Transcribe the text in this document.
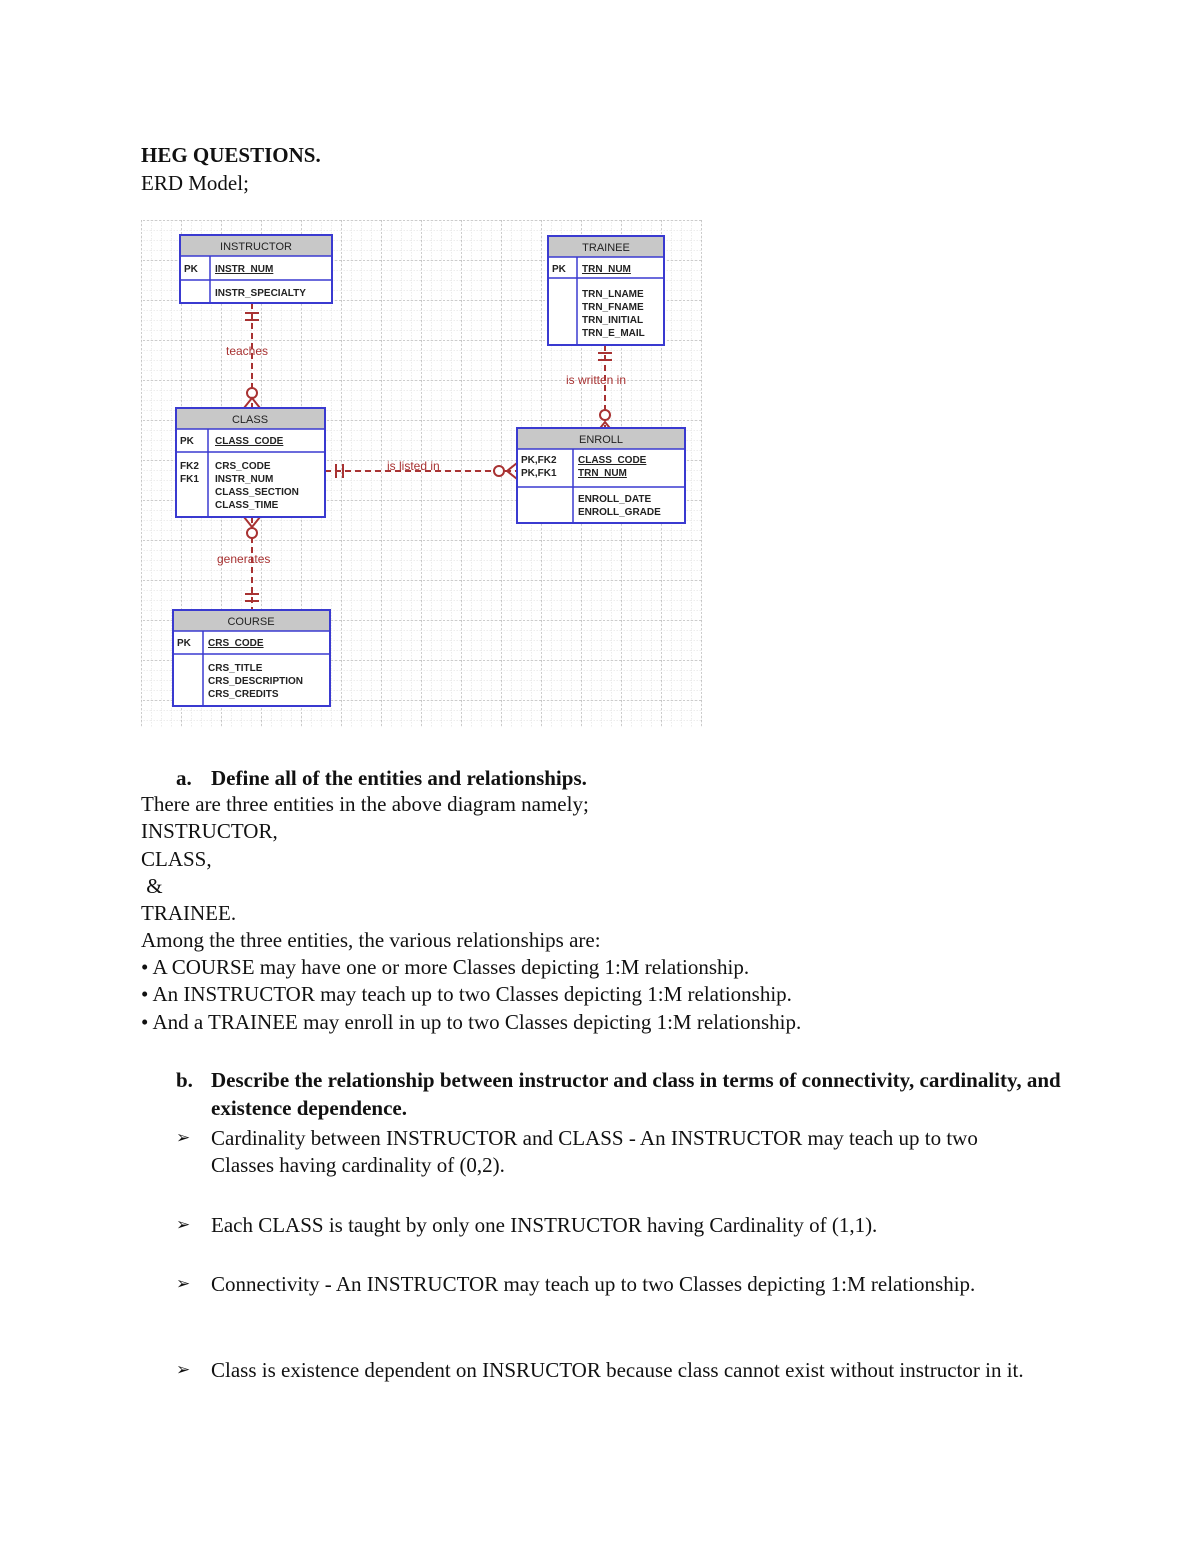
HEG QUESTIONS.
ERD Model;
teaches
is written in
is listed in
generates
INSTRUCTOR
PK INSTR_NUM
INSTR_SPECIALTY
TRAINEE
PK TRN_NUM
TRN_LNAME
TRN_FNAME
TRN_INITIAL
TRN_E_MAIL
CLASS
PK CLASS_CODE
FK2
FK1
CRS_CODE
INSTR_NUM
CLASS_SECTION
CLASS_TIME
ENROLL
PK,FK2
PK,FK1
CLASS_CODE
TRN_NUM
ENROLL_DATE
ENROLL_GRADE
COURSE
PK CRS_CODE
CRS_TITLE
CRS_DESCRIPTION
CRS_CREDITS
a. Define all of the entities and relationships.
There are three entities in the above diagram namely;
INSTRUCTOR,
CLASS,
&
TRAINEE.
Among the three entities, the various relationships are:
• A COURSE may have one or more Classes depicting 1:M relationship.
• An INSTRUCTOR may teach up to two Classes depicting 1:M relationship.
• And a TRAINEE may enroll in up to two Classes depicting 1:M relationship.
b. Describe the relationship between instructor and class in terms of connectivity, cardinality, and existence dependence.
➢ Cardinality between INSTRUCTOR and CLASS - An INSTRUCTOR may teach up to two Classes having cardinality of (0,2).
➢ Each CLASS is taught by only one INSTRUCTOR having Cardinality of (1,1).
➢ Connectivity - An INSTRUCTOR may teach up to two Classes depicting 1:M relationship.
➢ Class is existence dependent on INSRUCTOR because class cannot exist without instructor in it.
